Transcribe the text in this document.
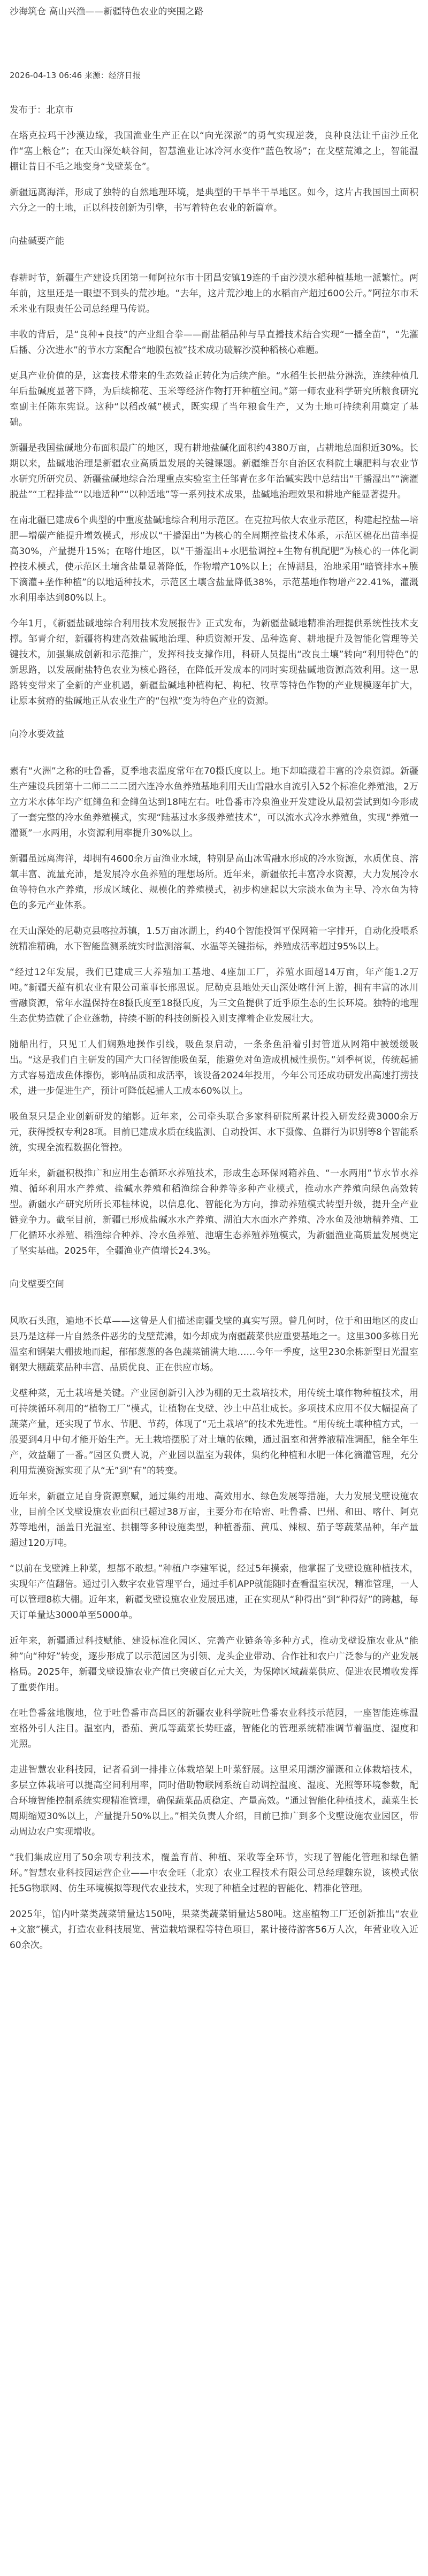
沙海筑仓 高山兴渔——新疆特色农业的突围之路
2026-04-13 06:46 来源：经济日报
发布于：北京市
在塔克拉玛干沙漠边缘，我国渔业生产正在以“向光深淤”的勇气实现逆袭，良种良法让千亩沙丘化作“塞上粮仓”；在天山深处峡谷间，智慧渔业让冰冷河水变作“蓝色牧场”；在戈壁荒滩之上，智能温棚让昔日不毛之地变身“戈壁菜仓”。
新疆远离海洋，形成了独特的自然地理环境，是典型的干旱半干旱地区。如今，这片占我国国土面积六分之一的土地，正以科技创新为引擎，书写着特色农业的新篇章。
向盐碱要产能
春耕时节，新疆生产建设兵团第一师阿拉尔市十团昌安镇19连的千亩沙漠水稻种植基地一派繁忙。两年前，这里还是一眼望不到头的荒沙地。“去年，这片荒沙地上的水稻亩产超过600公斤。”阿拉尔市禾禾米业有限责任公司总经理马传说。
丰收的背后，是“良种+良技”的产业组合拳——耐盐稻品种与旱直播技术结合实现“一播全苗”，“先灌后播、分次进水”的节水方案配合“地膜包被”技术成功破解沙漠种稻核心难题。
更具产业价值的是，这套技术带来的生态效益正转化为后续产能。“水稻生长把盐分淋洗，连续种植几年后盐碱度显著下降，为后续棉花、玉米等经济作物打开种植空间。”第一师农业科学研究所粮食研究室副主任陈东宪说。这种“以稻改碱”模式，既实现了当年粮食生产，又为土地可持续利用奠定了基础。
新疆是我国盐碱地分布面积最广的地区，现有耕地盐碱化面积约4380万亩，占耕地总面积近30%。长期以来，盐碱地治理是新疆农业高质量发展的关键课题。新疆维吾尔自治区农科院土壤肥料与农业节水研究所研究员、新疆盐碱地综合治理重点实验室主任邹青在多年治碱实践中总结出“干播湿出”“滴灌脱盐”“工程排盐”“以地适种”“以种适地”等一系列技术成果，盐碱地治理效果和耕地产能显著提升。
在南北疆已建成6个典型的中重度盐碱地综合利用示范区。在克拉玛依大农业示范区，构建起控盐—培肥—增碳产能提升增效模式，形成以“干播湿出”为核心的全周期控盐技术体系，示范区棉花出苗率提高30%，产量提升15%；在喀什地区，以“干播湿出+水肥盐调控+生物有机配肥”为核心的一体化调控技术模式，使示范区土壤含盐量显著降低，作物增产10%以上；在博湖县，治地采用“暗管排水+膜下滴灌+垄作种植”的以地适种技术，示范区土壤含盐量降低38%，示范基地作物增产22.41%，灌溉水利用率达到80%以上。
今年1月，《新疆盐碱地综合利用技术发展报告》正式发布，为新疆盐碱地精准治理提供系统性技术支撑。邹青介绍，新疆将构建高效盐碱地治理、种质资源开发、品种选育、耕地提升及智能化管理等关键技术，加强集成创新和示范推广，发挥科技支撑作用，科研人员提出“改良土壤”转向“利用特色”的新思路，以发展耐盐特色农业为核心路径，在降低开发成本的同时实现盐碱地资源高效利用。这一思路转变带来了全新的产业机遇，新疆盐碱地种植枸杞、枸杞、牧草等特色作物的产业规模逐年扩大，让原本贫瘠的盐碱地正从农业生产的“包袱”变为特色产业的资源。
向冷水要效益
素有“火洲”之称的吐鲁番，夏季地表温度常年在70摄氏度以上。地下却暗藏着丰富的冷泉资源。新疆生产建设兵团第十二师二二二团六连冷水鱼养殖基地利用天山雪融水自流引入52个标准化养殖池，2万立方米水体年均产虹鳟鱼和金鳟鱼达到18吨左右。吐鲁番市冷泉渔业开发建设从最初尝试到如今形成了一套完整的冷水鱼养殖模式，实现“陆基过水多级养殖技术”，可以流水式冷水养殖鱼，实现“养殖一灌溉”一水两用，水资源利用率提升30%以上。
新疆虽远离海洋，却拥有4600余万亩渔业水域，特别是高山冰雪融水形成的冷水资源，水质优良、溶氧丰富、流量充沛，是发展冷水鱼养殖的理想场所。近年来，新疆依托丰富冷水资源，大力发展冷水鱼等特色水产养殖，形成区域化、规模化的养殖模式，初步构建起以大宗淡水鱼为主导、冷水鱼为特色的多元产业体系。
在天山深处的尼勒克县喀拉苏镇，1.5万亩冰湖上，约40个智能投饵平保网箱一字排开，自动化投喂系统精准精确，水下智能监测系统实时监测溶氧、水温等关键指标，养殖成活率超过95%以上。
“经过12年发展，我们已建成三大养殖加工基地、4座加工厂，养殖水面超14万亩，年产能1.2万吨。”新疆天蕴有机农业有限公司董事长邢恩说。尼勒克县地处天山深处喀什河上游，拥有丰富的冰川雪融资源，常年水温保持在8摄氏度至18摄氏度，为三文鱼提供了近乎原生态的生长环境。独特的地理生态优势造就了企业蓬勃，持续不断的科技创新投入则支撑着企业发展壮大。
随船出行，只见工人们娴熟地操作引线，吸鱼泵启动，一条条鱼沿着引封管道从网箱中被缓缓吸出。“这是我们自主研发的国产大口径智能吸鱼泵，能避免对鱼造成机械性损伤。”刘季柯说，传统起捕方式容易造成鱼体擦伤，影响品质和成活率，该设备2024年投用，今年公司还成功研发出高速打捞技术，进一步促进生产，预计可降低起捕人工成本60%以上。
吸鱼泵只是企业创新研发的缩影。近年来，公司牵头联合多家科研院所累计投入研发经费3000余万元，获得授权专利28项。目前已建成水质在线监测、自动投饵、水下摄像、鱼群行为识别等8个智能系统，实现全流程数据化管控。
近年来，新疆积极推广和应用生态循环水养殖技术，形成生态环保网箱养鱼、“一水两用”节水节水养殖、循环利用水产养殖、盐碱水养殖和稻渔综合种养等多种产业模式，推动水产养殖向绿色高效转型。新疆水产研究所所长邓桂林说，以信息化、智能化为方向，推动养殖模式转型升级，提升全产业链竞争力。截至目前，新疆已形成盐碱水水产养殖、湖泊大水面水产养殖、冷水鱼及池塘精养殖、工厂化循环水养殖、稻渔综合种养、冷水鱼养殖、池塘生态养殖养殖模式，为新疆渔业高质量发展奠定了坚实基础。2025年，全疆渔业产值增长24.3%。
向戈壁要空间
风吹石头跑，遍地不长草——这曾是人们描述南疆戈壁的真实写照。曾几何时，位于和田地区的皮山县乃是这样一片自然条件恶劣的戈壁荒滩，如今却成为南疆蔬菜供应重要基地之一。这里300多栋日光温室和钢架大棚拔地而起，郁郁葱葱的各色蔬菜铺满大地……今年一季度，这里230余栋新型日光温室钢架大棚蔬菜品种丰富、品质优良、正在供应市场。
戈壁种菜，无土栽培是关键。产业园创新引入沙为棚的无土栽培技术，用传统土壤作物种植技术，用可持续循环利用的“植物工厂”模式，让植物在戈壁、沙土中茁壮成长。多项技术应用不仅大幅提高了蔬菜产量，还实现了节水、节肥、节药，体现了“无土栽培”的技术先进性。“用传统土壤种植方式，一般要到4月中旬才能开始生产。无土栽培摆脱了对土壤的依赖，通过温室和营养液精准调配，能全年生产，效益翻了一番。”园区负责人说，产业园以温室为载体，集约化种植和水肥一体化滴灌管理，充分利用荒漠资源实现了从“无”到“有”的转变。
近年来，新疆立足自身资源禀赋，通过集约用地、高效用水、绿色发展等措施，大力发展戈壁设施农业，目前全区戈壁设施农业面积已超过38万亩，主要分布在哈密、吐鲁番、巴州、和田、喀什、阿克苏等地州，涵盖日光温室、拱棚等多种设施类型，种植番茄、黄瓜、辣椒、茄子等蔬菜品种，年产量超过120万吨。
“以前在戈壁滩上种菜，想都不敢想。”种植户李建军说，经过5年摸索，他掌握了戈壁设施种植技术，实现年产值翻倍。通过引入数字农业管理平台，通过手机APP就能随时查看温室状况，精准管理，一人可以管理8栋大棚。近年来，新疆戈壁设施农业发展迅速，正在实现从“种得出”到“种得好”的跨越，每天订单量达3000单至5000单。
近年来，新疆通过科技赋能、建设标准化园区、完善产业链条等多种方式，推动戈壁设施农业从“能种”向“种好”转变，逐步形成了以示范园区为引领、龙头企业带动、合作社和农户广泛参与的产业发展格局。2025年，新疆戈壁设施农业产值已突破百亿元大关，为保障区域蔬菜供应、促进农民增收发挥了重要作用。
在吐鲁番盆地腹地，位于吐鲁番市高昌区的新疆农业科学院吐鲁番农业科技示范园，一座智能连栋温室格外引人注目。温室内，番茄、黄瓜等蔬菜长势旺盛，智能化的管理系统精准调节着温度、湿度和光照。
走进智慧农业科技园，记者看到一排排立体栽培架上叶菜舒展。这里采用潮汐灌溉和立体栽培技术，多层立体栽培可以提高空间利用率，同时借助物联网系统自动调控温度、湿度、光照等环境参数，配合环境智能控制系统实现精准管理，确保蔬菜品质稳定、产量高效。“通过智能化种植技术，蔬菜生长周期缩短30%以上，产量提升50%以上。”相关负责人介绍，目前已推广到多个戈壁设施农业园区，带动周边农户实现增收。
“我们集成应用了50余项专利技术，覆盖育苗、种植、采收等全环节，实现了智能化管理和绿色循环。”智慧农业科技园运营企业——中农金旺（北京）农业工程技术有限公司总经理魏东说，该模式依托5G物联网、仿生环境模拟等现代农业技术，实现了种植全过程的智能化、精准化管理。
2025年，馆内叶菜类蔬菜销量达150吨，果菜类蔬菜销量达580吨。这座植物工厂还创新推出“农业+文旅”模式，打造农业科技展览、营造栽培课程等特色项目，累计接待游客56万人次，年营业收入近60余次。
